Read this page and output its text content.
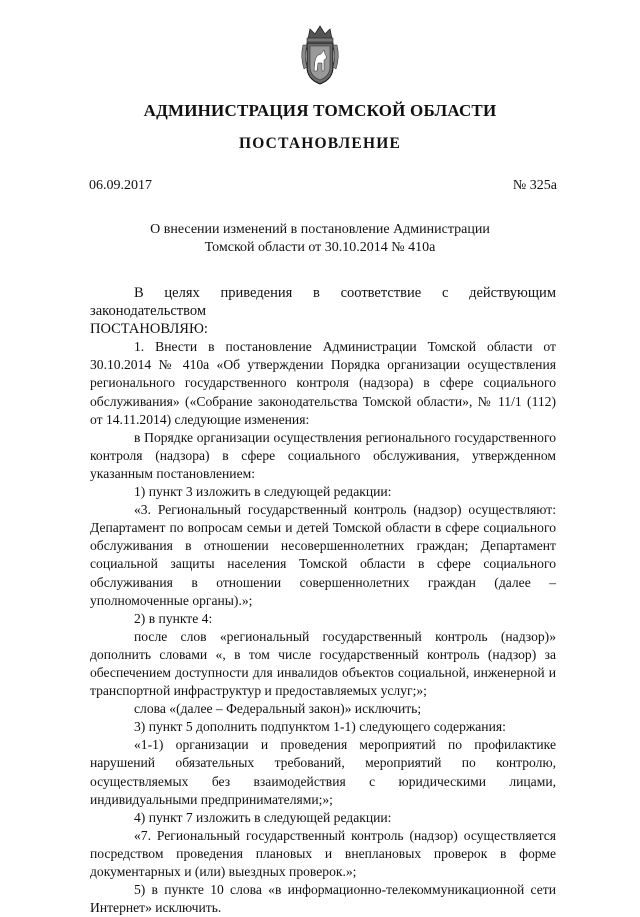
АДМИНИСТРАЦИЯ ТОМСКОЙ ОБЛАСТИ
ПОСТАНОВЛЕНИЕ
06.09.2017	№ 325а
О внесении изменений в постановление Администрации
Томской области от 30.10.2014 № 410а

В целях приведения в соответствие с действующим законодательством

ПОСТАНОВЛЯЮ:

1. Внести в постановление Администрации Томской области от 30.10.2014 № 410а «Об утверждении Порядка организации осуществления регионального государственного контроля (надзора) в сфере социального обслуживания» («Собрание законодательства Томской области», № 11/1 (112) от 14.11.2014) следующие изменения:

в Порядке организации осуществления регионального государственного контроля (надзора) в сфере социального обслуживания, утвержденном указанным постановлением:

1) пункт 3 изложить в следующей редакции:

«3. Региональный государственный контроль (надзор) осуществляют: Департамент по вопросам семьи и детей Томской области в сфере социального обслуживания в отношении несовершеннолетних граждан; Департамент социальной защиты населения Томской области в сфере социального обслуживания в отношении совершеннолетних граждан (далее – уполномоченные органы).»;

2) в пункте 4:

после слов «региональный государственный контроль (надзор)» дополнить словами «, в том числе государственный контроль (надзор) за обеспечением доступности для инвалидов объектов социальной, инженерной и транспортной инфраструктур и предоставляемых услуг;»;

слова «(далее – Федеральный закон)» исключить;

3) пункт 5 дополнить подпунктом 1-1) следующего содержания:

«1-1) организации и проведения мероприятий по профилактике нарушений обязательных требований, мероприятий по контролю, осуществляемых без взаимодействия с юридическими лицами, индивидуальными предпринимателями;»;

4) пункт 7 изложить в следующей редакции:

«7. Региональный государственный контроль (надзор) осуществляется посредством проведения плановых и внеплановых проверок в форме документарных и (или) выездных проверок.»;

5) в пункте 10 слова «в информационно-телекоммуникационной сети Интернет» исключить.
